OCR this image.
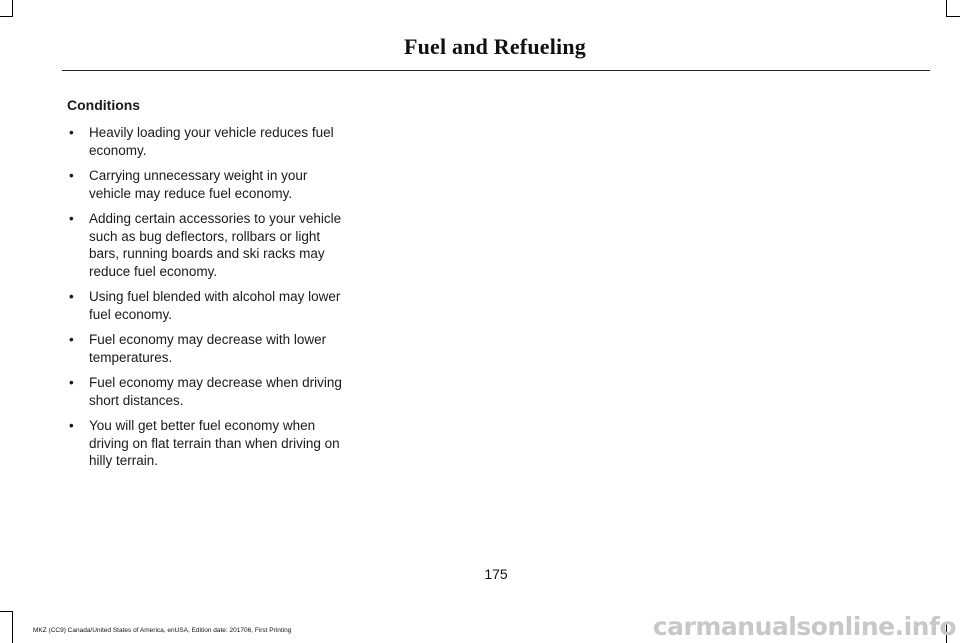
Fuel and Refueling
Conditions
• Heavily loading your vehicle reduces fuel economy.
• Carrying unnecessary weight in your vehicle may reduce fuel economy.
• Adding certain accessories to your vehicle such as bug deflectors, rollbars or light bars, running boards and ski racks may reduce fuel economy.
• Using fuel blended with alcohol may lower fuel economy.
• Fuel economy may decrease with lower temperatures.
• Fuel economy may decrease when driving short distances.
• You will get better fuel economy when driving on flat terrain than when driving on hilly terrain.
175
MKZ (CC9) Canada/United States of America, enUSA, Edition date: 201706, First Printing	carmanualsonline.info
